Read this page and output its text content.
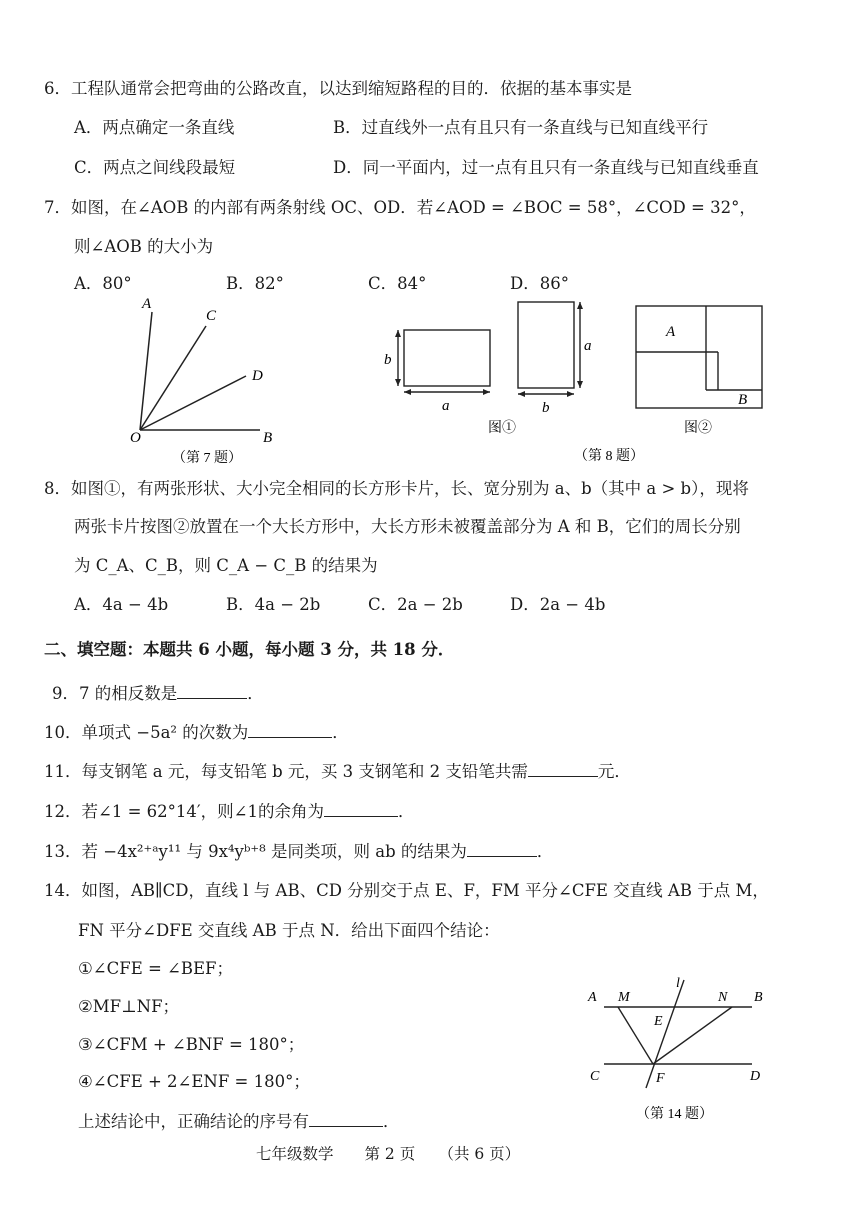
6．工程队通常会把弯曲的公路改直，以达到缩短路程的目的．依据的基本事实是
A．两点确定一条直线	B．过直线外一点有且只有一条直线与已知直线平行
C．两点之间线段最短	D．同一平面内，过一点有且只有一条直线与已知直线垂直
7．如图，在∠AOB 的内部有两条射线 OC、OD．若∠AOD = ∠BOC = 58°，∠COD = 32°，
则∠AOB 的大小为
A．80°	B．82°	C．84°	D．86°
A
C
D
O	B
（第 7 题）
b
a
a
b
图①
A
B
图②
（第 8 题）
8．如图①，有两张形状、大小完全相同的长方形卡片，长、宽分别为 a、b（其中 a > b），现将
两张卡片按图②放置在一个大长方形中，大长方形未被覆盖部分为 A 和 B，它们的周长分别
为 C_A、C_B，则 C_A − C_B 的结果为
A．4a − 4b	B．4a − 2b	C．2a − 2b	D．2a − 4b
二、填空题：本题共 6 小题，每小题 3 分，共 18 分．
9．7 的相反数是	．
10．单项式 −5a² 的次数为	．
11．每支钢笔 a 元，每支铅笔 b 元，买 3 支钢笔和 2 支铅笔共需	元．
12．若∠1 = 62°14′，则∠1的余角为	．
13．若 −4x²⁺ᵃy¹¹ 与 9x⁴yᵇ⁺⁸ 是同类项，则 ab 的结果为	．
14．如图，AB∥CD，直线 l 与 AB、CD 分别交于点 E、F，FM 平分∠CFE 交直线 AB 于点 M，
FN 平分∠DFE 交直线 AB 于点 N．给出下面四个结论：
①∠CFE = ∠BEF；
②MF⊥NF；
③∠CFM + ∠BNF = 180°；
④∠CFE + 2∠ENF = 180°；
上述结论中，正确结论的序号有	．
A M
l
N B
E
C	F	D
（第 14 题）
七年级数学　　第 2 页　　（共 6 页）
